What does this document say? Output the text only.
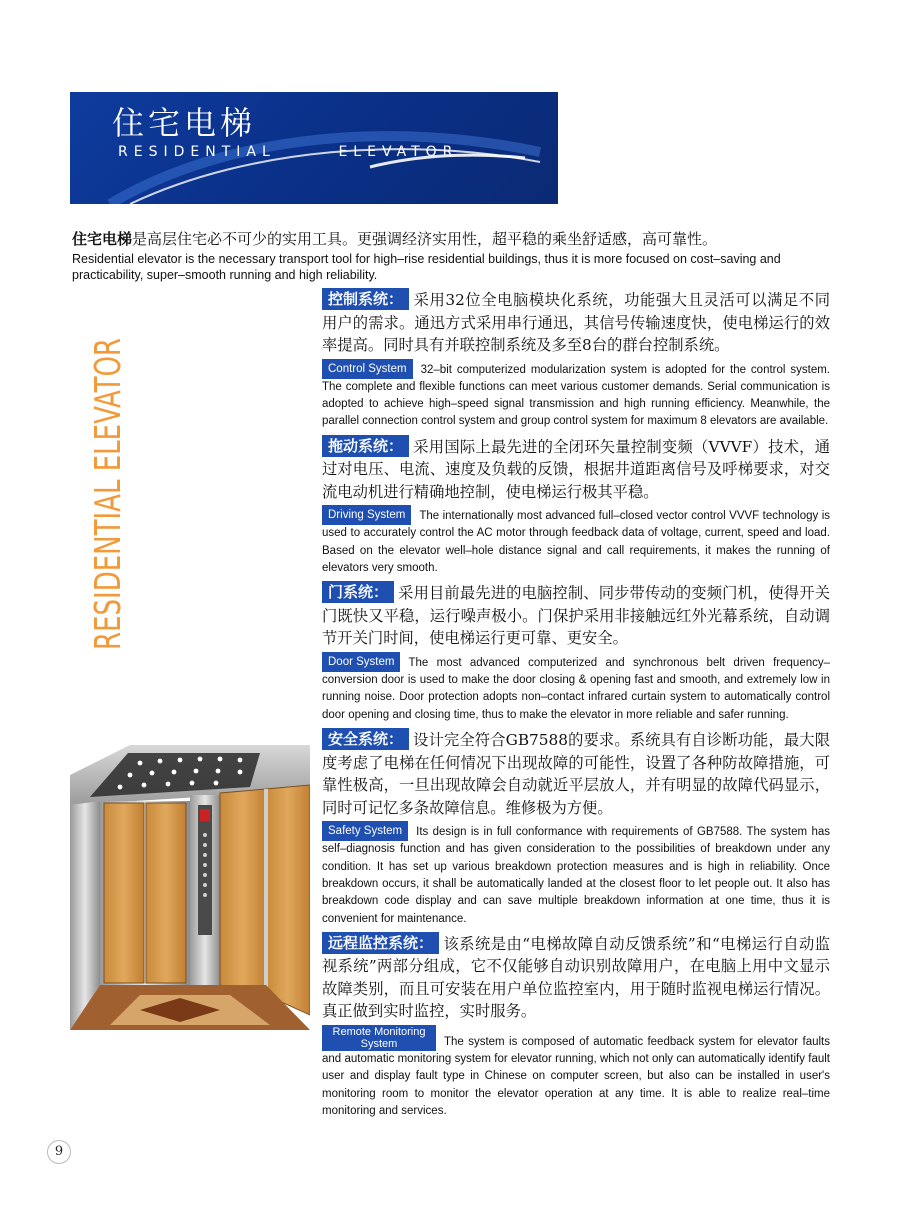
住宅电梯
RESIDENTIAL      ELEVATOR
住宅电梯是高层住宅必不可少的实用工具。更强调经济实用性，超平稳的乘坐舒适感，高可靠性。
Residential elevator is the necessary transport tool for high–rise residential buildings, thus it is more focused on cost–saving and practicability, super–smooth running and high reliability.
RESIDENTIAL ELEVATOR	控制系统： 采用32位全电脑模块化系统，功能强大且灵活可以满足不同用户的需求。通迅方式采用串行通迅，其信号传输速度快，使电梯运行的效率提高。同时具有并联控制系统及多至8台的群台控制系统。
Control System 32–bit computerized modularization system is adopted for the control system. The complete and flexible functions can meet various customer demands. Serial communication is adopted to achieve high–speed signal transmission and high running efficiency. Meanwhile, the parallel connection control system and group control system for maximum 8 elevators are available.
拖动系统： 采用国际上最先进的全闭环矢量控制变频（VVVF）技术，通过对电压、电流、速度及负载的反馈，根据井道距离信号及呼梯要求，对交流电动机进行精确地控制，使电梯运行极其平稳。
Driving System The internationally most advanced full–closed vector control VVVF technology is used to accurately control the AC motor through feedback data of voltage, current, speed and load. Based on the elevator well–hole distance signal and call requirements, it makes the running of elevators very smooth.
门系统： 采用目前最先进的电脑控制、同步带传动的变频门机，使得开关门既快又平稳，运行噪声极小。门保护采用非接触远红外光幕系统，自动调节开关门时间，使电梯运行更可靠、更安全。
Door System The most advanced computerized and synchronous belt driven frequency–conversion door is used to make the door closing & opening fast and smooth, and extremely low in running noise. Door protection adopts non–contact infrared curtain system to automatically control door opening and closing time, thus to make the elevator in more reliable and safer running.
安全系统： 设计完全符合GB7588的要求。系统具有自诊断功能，最大限度考虑了电梯在任何情况下出现故障的可能性，设置了各种防故障措施，可靠性极高，一旦出现故障会自动就近平层放人，并有明显的故障代码显示，同时可记忆多条故障信息。维修极为方便。
Safety System Its design is in full conformance with requirements of GB7588. The system has self–diagnosis function and has given consideration to the possibilities of breakdown under any condition. It has set up various breakdown protection measures and is high in reliability. Once breakdown occurs, it shall be automatically landed at the closest floor to let people out. It also has breakdown code display and can save multiple breakdown information at one time, thus it is convenient for maintenance.
远程监控系统： 该系统是由“电梯故障自动反馈系统”和“电梯运行自动监视系统”两部分组成，它不仅能够自动识别故障用户，在电脑上用中文显示故障类别，而且可安装在用户单位监控室内，用于随时监视电梯运行情况。真正做到实时监控，实时服务。
Remote Monitoring System	The system is composed of automatic feedback system for elevator faults and automatic monitoring system for elevator running, which not only can automatically identify fault user and display fault type in Chinese on computer screen, but also can be installed in user's monitoring room to monitor the elevator operation at any time. It is able to realize real–time monitoring and services.
9
